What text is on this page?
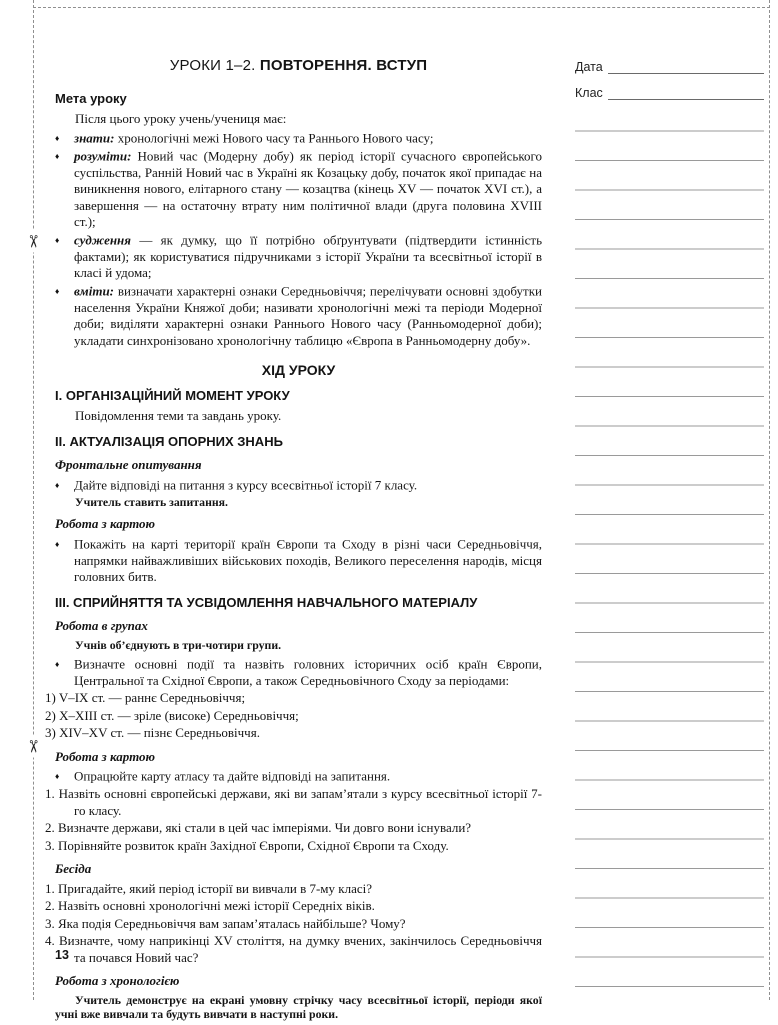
✂
✂
Дата
Клас
УРОКИ 1–2. ПОВТОРЕННЯ. ВСТУП
Мета уроку

Після цього уроку учень/учениця має:

♦ знати: хронологічні межі Нового часу та Раннього Нового часу;
♦ розуміти: Новий час (Модерну добу) як період історії сучасного європейського суспільства, Ранній Новий час в Україні як Козацьку добу, початок якої припадає на виникнення нового, елітарного стану — козацтва (кінець XV — початок XVI ст.), а завершення — на остаточну втрату ним політичної влади (друга половина XVIII ст.);
♦ судження — як думку, що її потрібно обґрунтувати (підтвердити істинність фактами); як користуватися підручниками з історії України та всесвітньої історії в класі й удома;
♦ вміти: визначати характерні ознаки Середньовіччя; перелічувати основні здобутки населення України Княжої доби; називати хронологічні межі та періоди Модерної доби; виділяти характерні ознаки Раннього Нового часу (Ранньомодерної доби); укладати синхронізовано хронологічну таблицю «Європа в Ранньомодерну добу».
ХІД УРОКУ
I. ОРГАНІЗАЦІЙНИЙ МОМЕНТ УРОКУ

Повідомлення теми та завдань уроку.

II. АКТУАЛІЗАЦІЯ ОПОРНИХ ЗНАНЬ
Фронтальне опитування
♦ Дайте відповіді на питання з курсу всесвітньої історії 7 класу.

Учитель ставить запитання.

Робота з картою
♦ Покажіть на карті території країн Європи та Сходу в різні часи Середньовіччя, напрямки найважливіших військових походів, Великого переселення народів, місця головних битв.
III. СПРИЙНЯТТЯ ТА УСВІДОМЛЕННЯ НАВЧАЛЬНОГО МАТЕРІАЛУ
Робота в групах

Учнів об’єднують в три-чотири групи.

♦ Визначте основні події та назвіть головних історичних осіб країн Європи, Центральної та Східної Європи, а також Середньовічного Сходу за періодами:
1) V–IX ст. — раннє Середньовіччя;
2) X–XIII ст. — зріле (високе) Середньовіччя;
3) XIV–XV ст. — пізнє Середньовіччя.
Робота з картою
♦ Опрацюйте карту атласу та дайте відповіді на запитання.
1. Назвіть основні європейські держави, які ви запам’ятали з курсу всесвітньої історії 7-го класу.
2. Визначте держави, які стали в цей час імперіями. Чи довго вони існували?
3. Порівняйте розвиток країн Західної Європи, Східної Європи та Сходу.
Бесіда
1. Пригадайте, який період історії ви вивчали в 7-му класі?
2. Назвіть основні хронологічні межі історії Середніх віків.
3. Яка подія Середньовіччя вам запам’яталась найбільше? Чому?
4. Визначте, чому наприкінці XV століття, на думку вчених, закінчилось Середньовіччя та почався Новий час?
Робота з хронологією

Учитель демонструє на екрані умовну стрічку часу всесвітньої історії, періоди якої учні вже вивчали та будуть вивчати в наступні роки.

13
